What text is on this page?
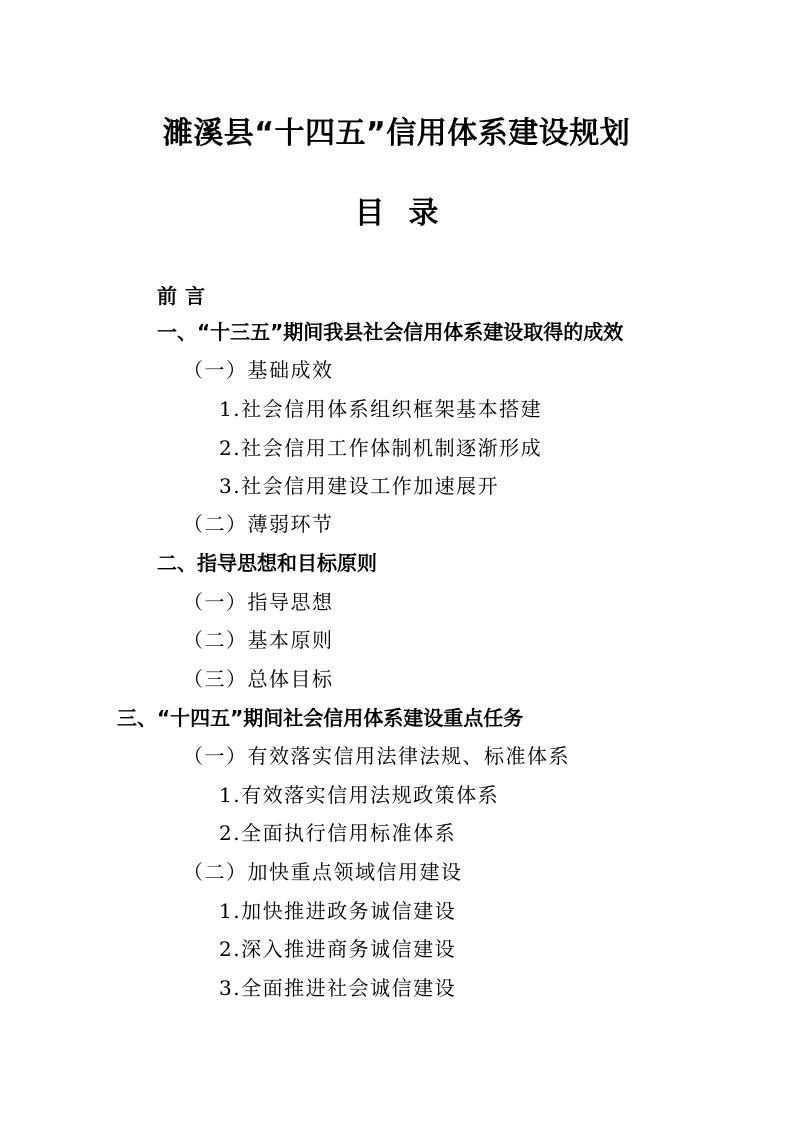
濉溪县“十四五”信用体系建设规划
目录
前言
一、“十三五”期间我县社会信用体系建设取得的成效
（一）基础成效
1.社会信用体系组织框架基本搭建
2.社会信用工作体制机制逐渐形成
3.社会信用建设工作加速展开
（二）薄弱环节
二、指导思想和目标原则
（一）指导思想
（二）基本原则
（三）总体目标
三、“十四五”期间社会信用体系建设重点任务
（一）有效落实信用法律法规、标准体系
1.有效落实信用法规政策体系
2.全面执行信用标准体系
（二）加快重点领域信用建设
1.加快推进政务诚信建设
2.深入推进商务诚信建设
3.全面推进社会诚信建设
